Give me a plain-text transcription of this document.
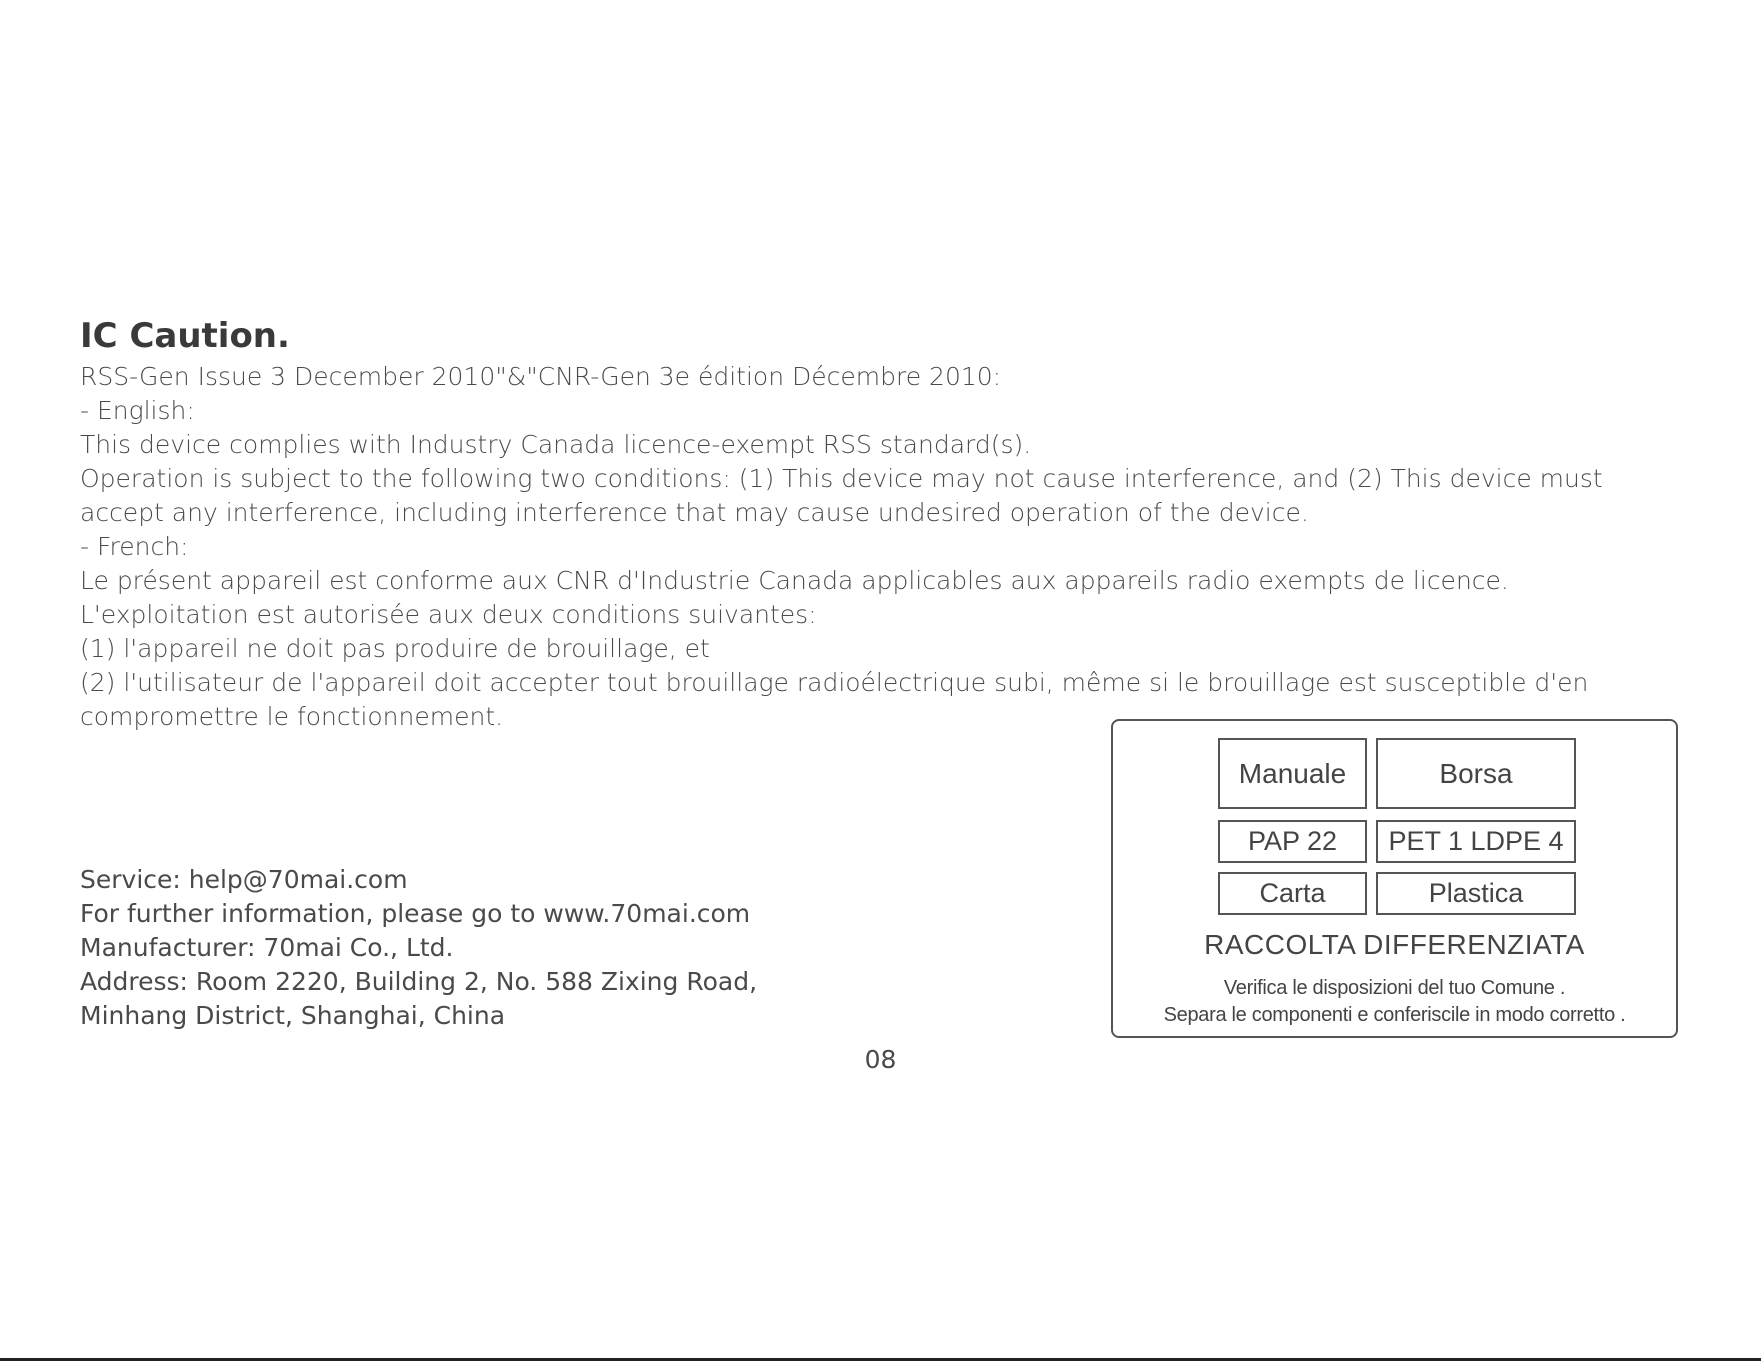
IC Caution.
RSS-Gen Issue 3 December 2010"&"CNR-Gen 3e édition Décembre 2010:
- English:
This device complies with Industry Canada licence-exempt RSS standard(s).
Operation is subject to the following two conditions: (1) This device may not cause interference, and (2) This device must
accept any interference, including interference that may cause undesired operation of the device.
- French:
Le présent appareil est conforme aux CNR d'Industrie Canada applicables aux appareils radio exempts de licence.
L'exploitation est autorisée aux deux conditions suivantes:
(1) l'appareil ne doit pas produire de brouillage, et
(2) l'utilisateur de l'appareil doit accepter tout brouillage radioélectrique subi, même si le brouillage est susceptible d'en
compromettre le fonctionnement.
Service: help@70mai.com
For further information, please go to www.70mai.com
Manufacturer: 70mai Co., Ltd.
Address: Room 2220, Building 2, No. 588 Zixing Road,
Minhang District, Shanghai, China
Manuale	Borsa
PAP 22	PET 1 LDPE 4
Carta	Plastica
RACCOLTA DIFFERENZIATA
Verifica le disposizioni del tuo Comune .
Separa le componenti e conferiscile in modo corretto .
08
